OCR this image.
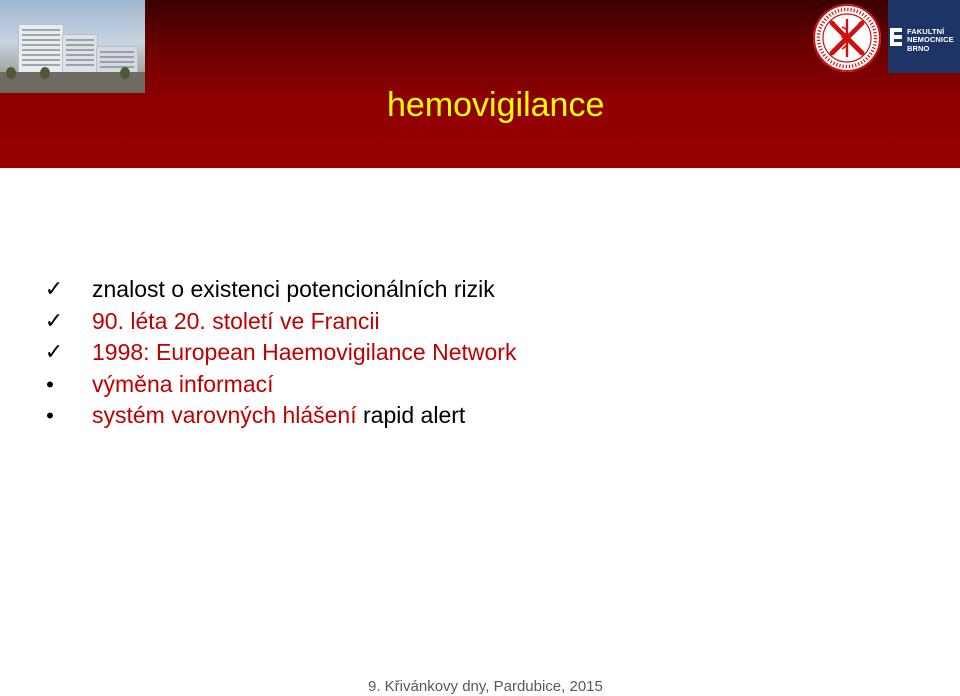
FAKULTNÍ
NEMOCNICE
BRNO
hemovigilance
✓ znalost o existenci potencionálních rizik
✓ 90. léta 20. století ve Francii
✓ 1998: European Haemovigilance Network
•	výměna informací
•	systém varovných hlášení rapid alert
9. Křivánkovy dny, Pardubice, 2015
